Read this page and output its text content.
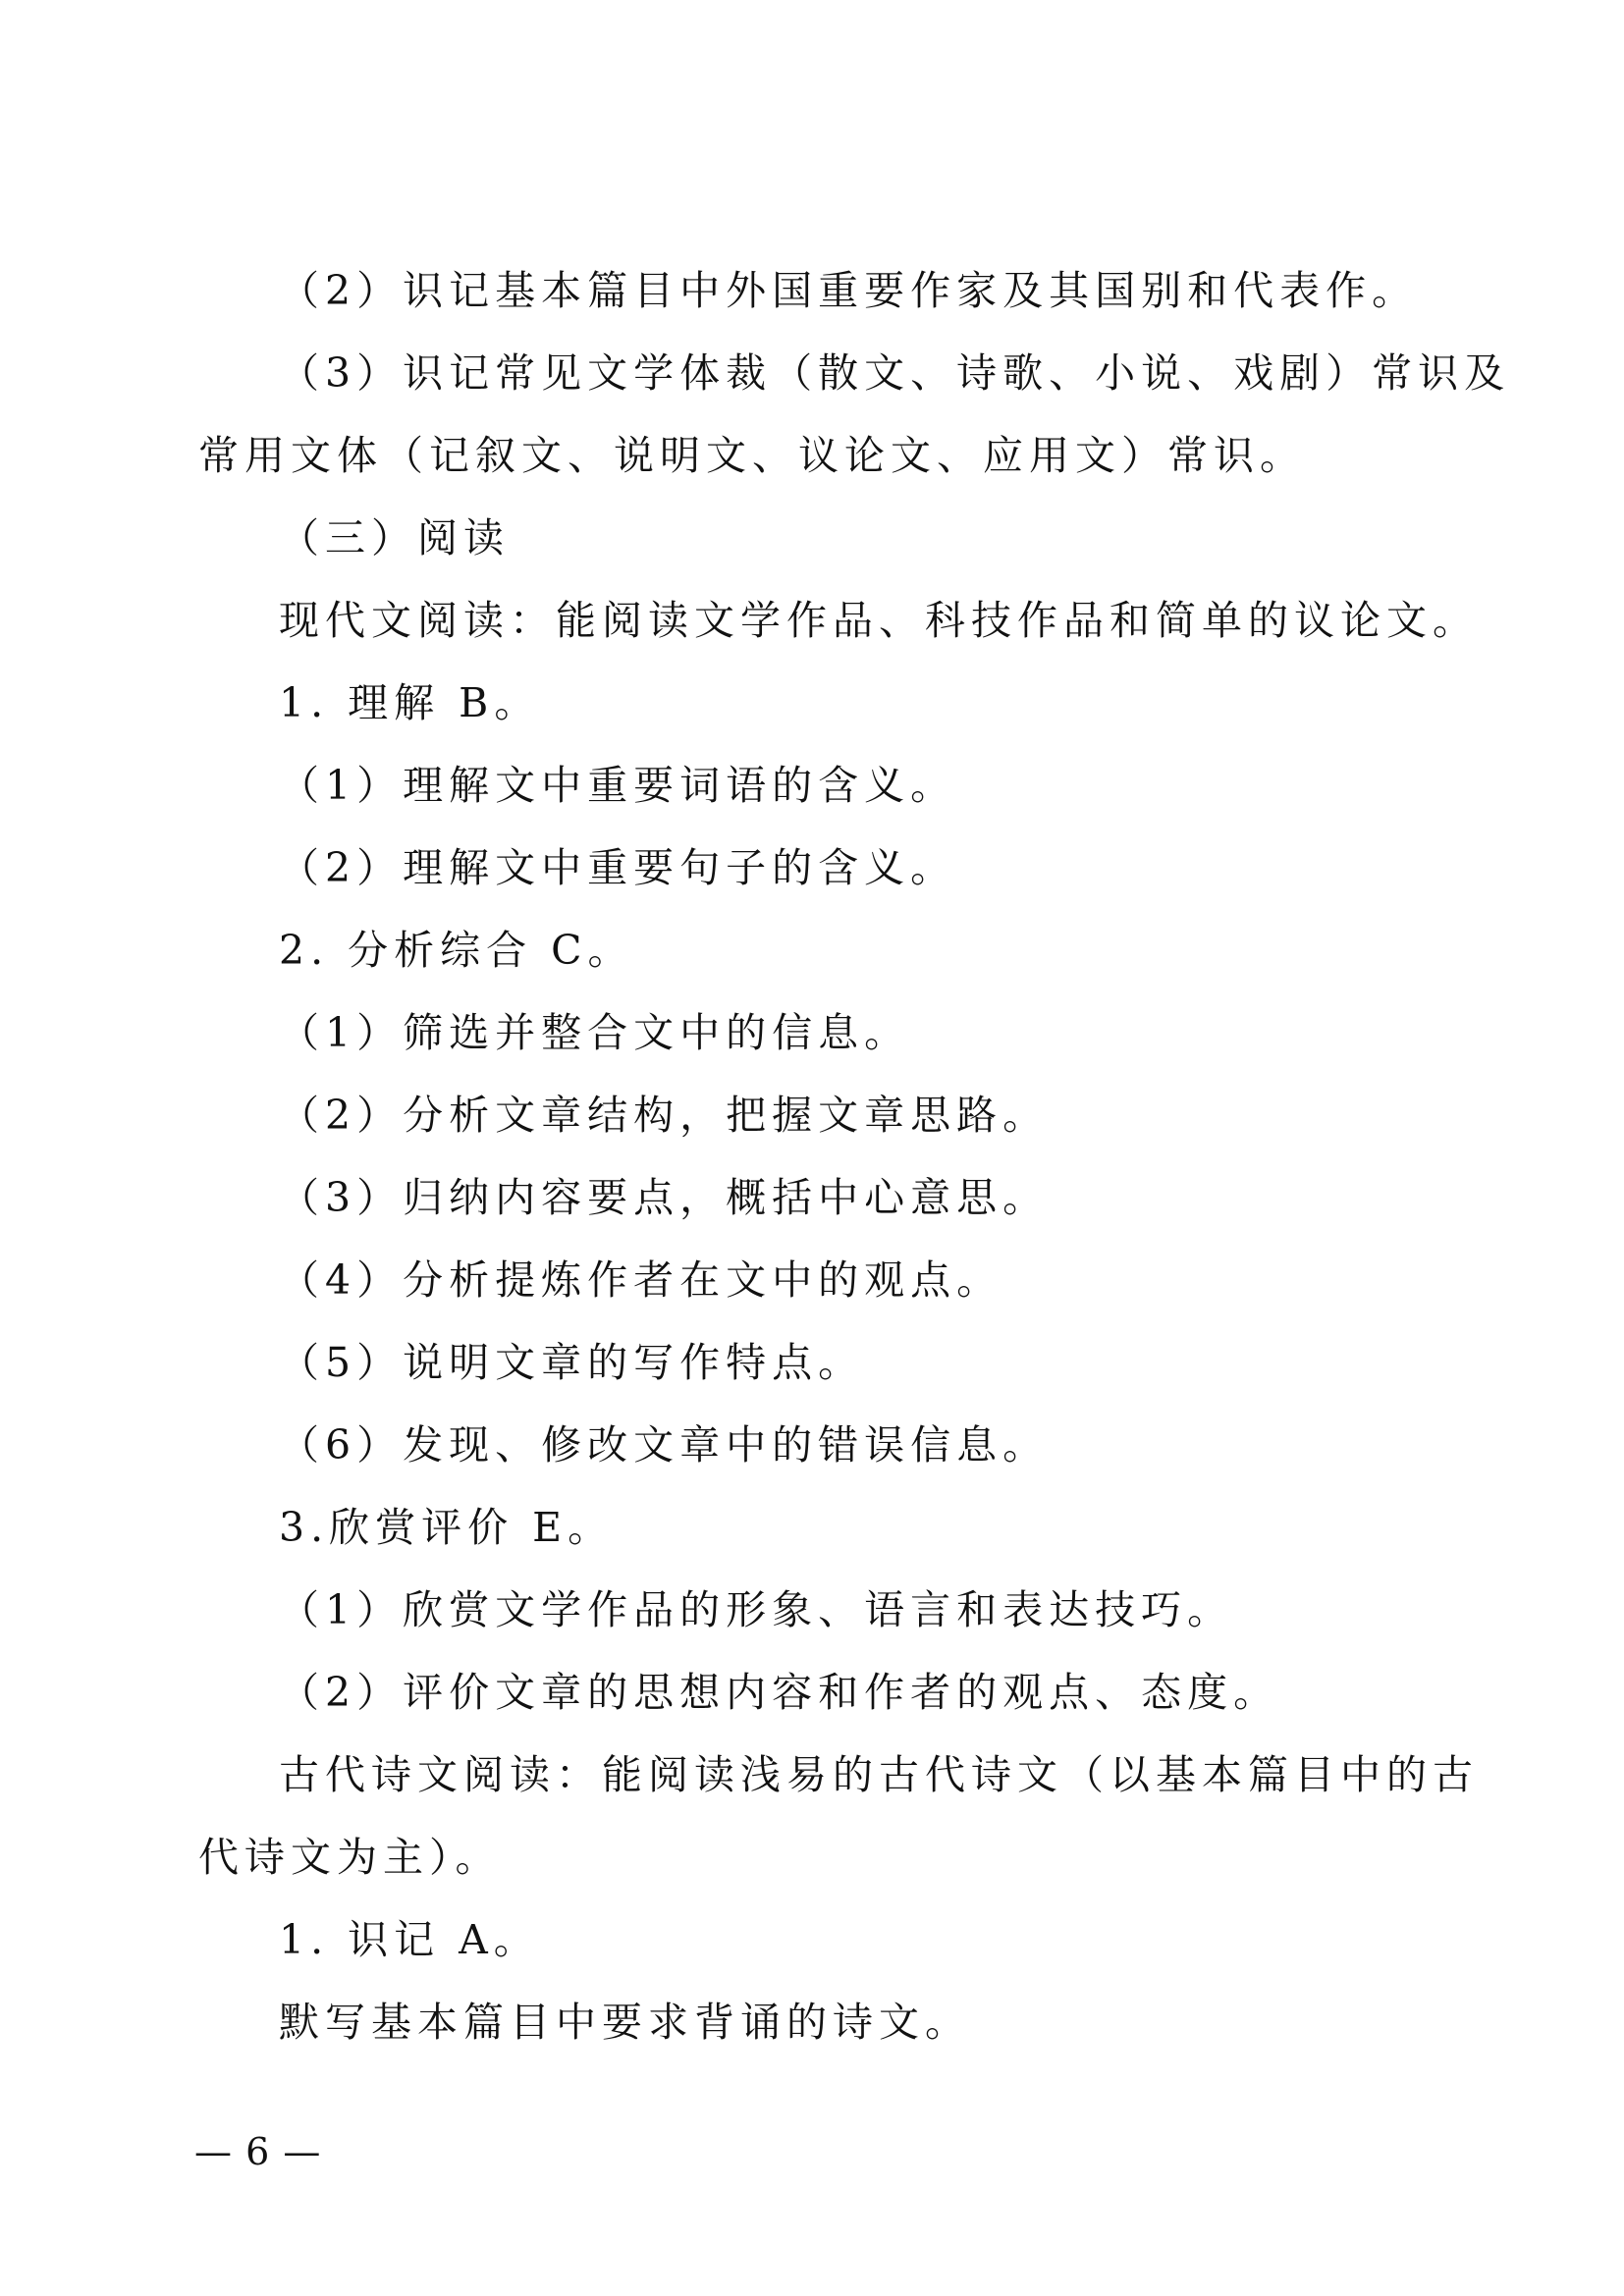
（2）识记基本篇目中外国重要作家及其国别和代表作。

（3）识记常见文学体裁（散文、诗歌、小说、戏剧）常识及

常用文体（记叙文、说明文、议论文、应用文）常识。

（三）阅读

现代文阅读：能阅读文学作品、科技作品和简单的议论文。

1. 理解 B。

（1）理解文中重要词语的含义。

（2）理解文中重要句子的含义。

2. 分析综合 C。

（1）筛选并整合文中的信息。

（2）分析文章结构，把握文章思路。

（3）归纳内容要点，概括中心意思。

（4）分析提炼作者在文中的观点。

（5）说明文章的写作特点。

（6）发现、修改文章中的错误信息。

3.欣赏评价 E。

（1）欣赏文学作品的形象、语言和表达技巧。

（2）评价文章的思想内容和作者的观点、态度。

古代诗文阅读：能阅读浅易的古代诗文（以基本篇目中的古

代诗文为主）。

1. 识记 A。

默写基本篇目中要求背诵的诗文。

— 6 —
